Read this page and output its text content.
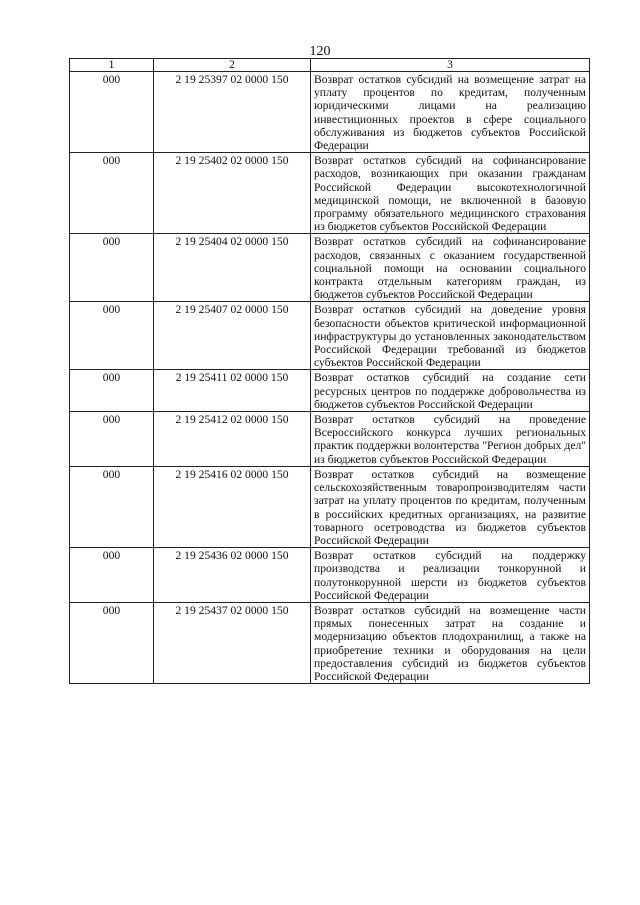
120
1	2	3
000	2 19 25397 02 0000 150	Возврат остатков субсидий на возмещение затрат на уплату процентов по кредитам, полученным юридическими лицами на реализацию инвестиционных проектов в сфере социального обслуживания из бюджетов субъектов Российской Федерации
000	2 19 25402 02 0000 150	Возврат остатков субсидий на софинансирование расходов, возникающих при оказании гражданам Российской Федерации высокотехнологичной медицинской помощи, не включенной в базовую программу обязательного медицинского страхования из бюджетов субъектов Российской Федерации
000	2 19 25404 02 0000 150	Возврат остатков субсидий на софинансирование расходов, связанных с оказанием государственной социальной помощи на основании социального контракта отдельным категориям граждан, из бюджетов субъектов Российской Федерации
000	2 19 25407 02 0000 150	Возврат остатков субсидий на доведение уровня безопасности объектов критической информационной инфраструктуры до установленных законодательством Российской Федерации требований из бюджетов субъектов Российской Федерации
000	2 19 25411 02 0000 150	Возврат остатков субсидий на создание сети ресурсных центров по поддержке добровольчества из бюджетов субъектов Российской Федерации
000	2 19 25412 02 0000 150	Возврат остатков субсидий на проведение Всероссийского конкурса лучших региональных практик поддержки волонтерства "Регион добрых дел" из бюджетов субъектов Российской Федерации
000	2 19 25416 02 0000 150	Возврат остатков субсидий на возмещение сельскохозяйственным товаропроизводителям части затрат на уплату процентов по кредитам, полученным в российских кредитных организациях, на развитие товарного осетроводства из бюджетов субъектов Российской Федерации
000	2 19 25436 02 0000 150	Возврат остатков субсидий на поддержку производства и реализации тонкорунной и полутонкорунной шерсти из бюджетов субъектов Российской Федерации
000	2 19 25437 02 0000 150	Возврат остатков субсидий на возмещение части прямых понесенных затрат на создание и модернизацию объектов плодохранилищ, а также на приобретение техники и оборудования на цели предоставления субсидий из бюджетов субъектов Российской Федерации
